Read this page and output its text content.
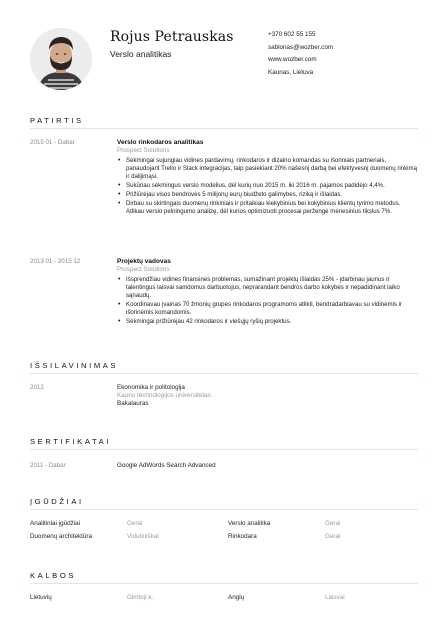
Rojus Petrauskas
Verslo analitikas
+370 602 55 155
sablonas@wozber.com
www.wozber.com
Kaunas, Lietuva
PATIRTIS
2015 01 - Dabar	Verslo rinkodaros analitikas
Prospect Solutions
• Sėkmingai sujungiau vidines pardavimų, rinkodaros ir dizaino komandas su išoriniais partneriais, panaudojant Trello ir Slack integracijas, taip pasiekiant 20% našesnį darbą bei efektyvesnį duomenų rinkimą ir dalijimąsi.
• Sukūriau sėkmingus verslo modelius, dėl kurių nuo 2015 m. iki 2016 m. pajamos padidėjo 4,4%.
• Prižiūrėjau visos bendrovės 5 milijonų eurų biudžeto galimybes, riziką ir išlaidas.
• Dirbau su skirtingais duomenų rinkiniais ir pritaikiau kiekybinius bei kokybinius klientų tyrimo metodus. Atlikau verslo pelningumo analizę, dėl kurios optimizuoti procesai peržengė mėnesinius tikslus 7%.
2013 01 - 2015 12	Projektų vadovas
Prospect Solutions
• Išsprendžiau vidines finansines problemas, sumažinant projektų išlaidas 25% - įdarbinau jaunus ir talentingus laisvai samdomus darbuotojus, neprarandant bendros darbo kokybės ir nepadidinant laiko sąnaudų.
• Koordinavau įvairias 70 žmonių grupes rinkodaros programoms atlikti, bendradarbiavau su vidinėmis ir išorinėmis komandomis.
• Sėkmingai prižiūrėjau 42 rinkodaros ir viešųjų ryšių projektus.
IŠSILAVINIMAS
2012	Ekonomika ir politologija
Kauno technologijos universitetas
Bakalauras
SERTIFIKATAI
2011 - Dabar	Google AdWords Search Advanced
ĮGŪDŽIAI
Analitiniai įgūdžiai	Gerai	Verslo analitika	Gerai
Duomenų architektūra	Vidutiniškai	Rinkodara	Gerai
KALBOS
Lietuvių	Gimtoji k.	Anglų	Laisvai
